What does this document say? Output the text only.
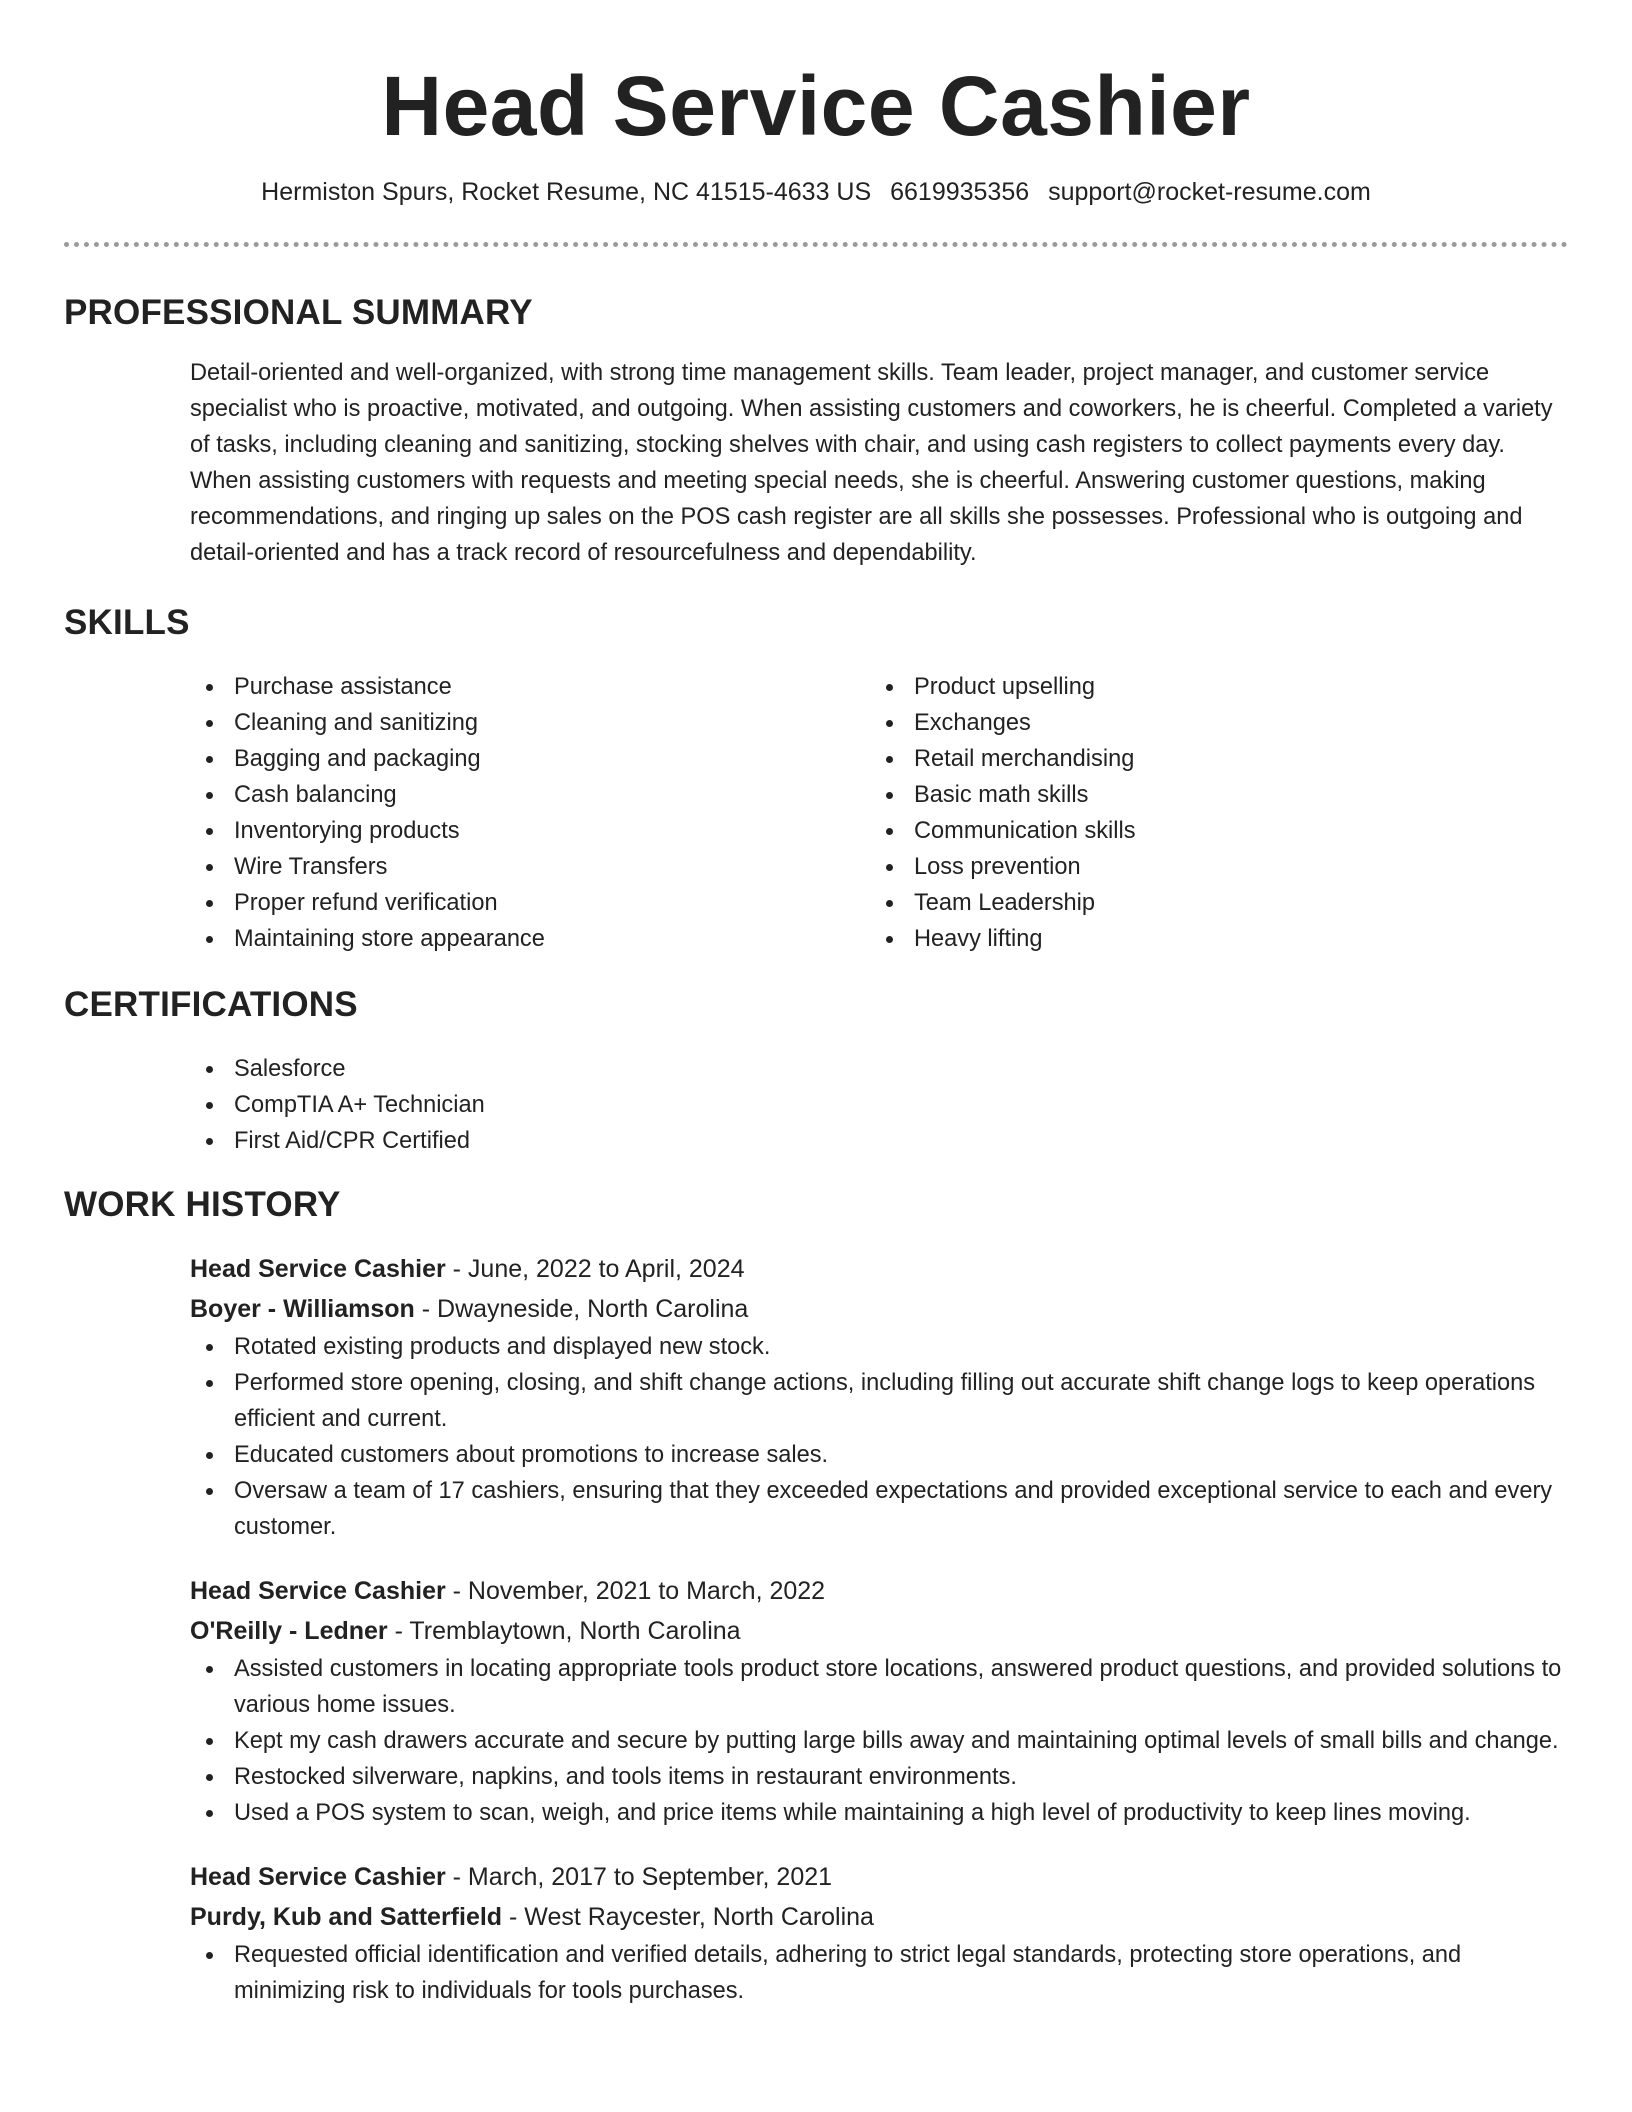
Head Service Cashier
Hermiston Spurs, Rocket Resume, NC 41515-4633 US 6619935356 support@rocket-resume.com
PROFESSIONAL SUMMARY

Detail-oriented and well-organized, with strong time management skills. Team leader, project manager, and customer service specialist who is proactive, motivated, and outgoing. When assisting customers and coworkers, he is cheerful. Completed a variety of tasks, including cleaning and sanitizing, stocking shelves with chair, and using cash registers to collect payments every day. When assisting customers with requests and meeting special needs, she is cheerful. Answering customer questions, making recommendations, and ringing up sales on the POS cash register are all skills she possesses. Professional who is outgoing and detail-oriented and has a track record of resourcefulness and dependability.

SKILLS
Purchase assistance
Cleaning and sanitizing
Bagging and packaging
Cash balancing
Inventorying products
Wire Transfers
Proper refund verification
Maintaining store appearance
Product upselling
Exchanges
Retail merchandising
Basic math skills
Communication skills
Loss prevention
Team Leadership
Heavy lifting
CERTIFICATIONS
Salesforce
CompTIA A+ Technician
First Aid/CPR Certified
WORK HISTORY
Head Service Cashier - June, 2022 to April, 2024
Boyer - Williamson - Dwayneside, North Carolina
Rotated existing products and displayed new stock.
Performed store opening, closing, and shift change actions, including filling out accurate shift change logs to keep operations efficient and current.
Educated customers about promotions to increase sales.
Oversaw a team of 17 cashiers, ensuring that they exceeded expectations and provided exceptional service to each and every customer.
Head Service Cashier - November, 2021 to March, 2022
O'Reilly - Ledner - Tremblaytown, North Carolina
Assisted customers in locating appropriate tools product store locations, answered product questions, and provided solutions to various home issues.
Kept my cash drawers accurate and secure by putting large bills away and maintaining optimal levels of small bills and change.
Restocked silverware, napkins, and tools items in restaurant environments.
Used a POS system to scan, weigh, and price items while maintaining a high level of productivity to keep lines moving.
Head Service Cashier - March, 2017 to September, 2021
Purdy, Kub and Satterfield - West Raycester, North Carolina
Requested official identification and verified details, adhering to strict legal standards, protecting store operations, and minimizing risk to individuals for tools purchases.
